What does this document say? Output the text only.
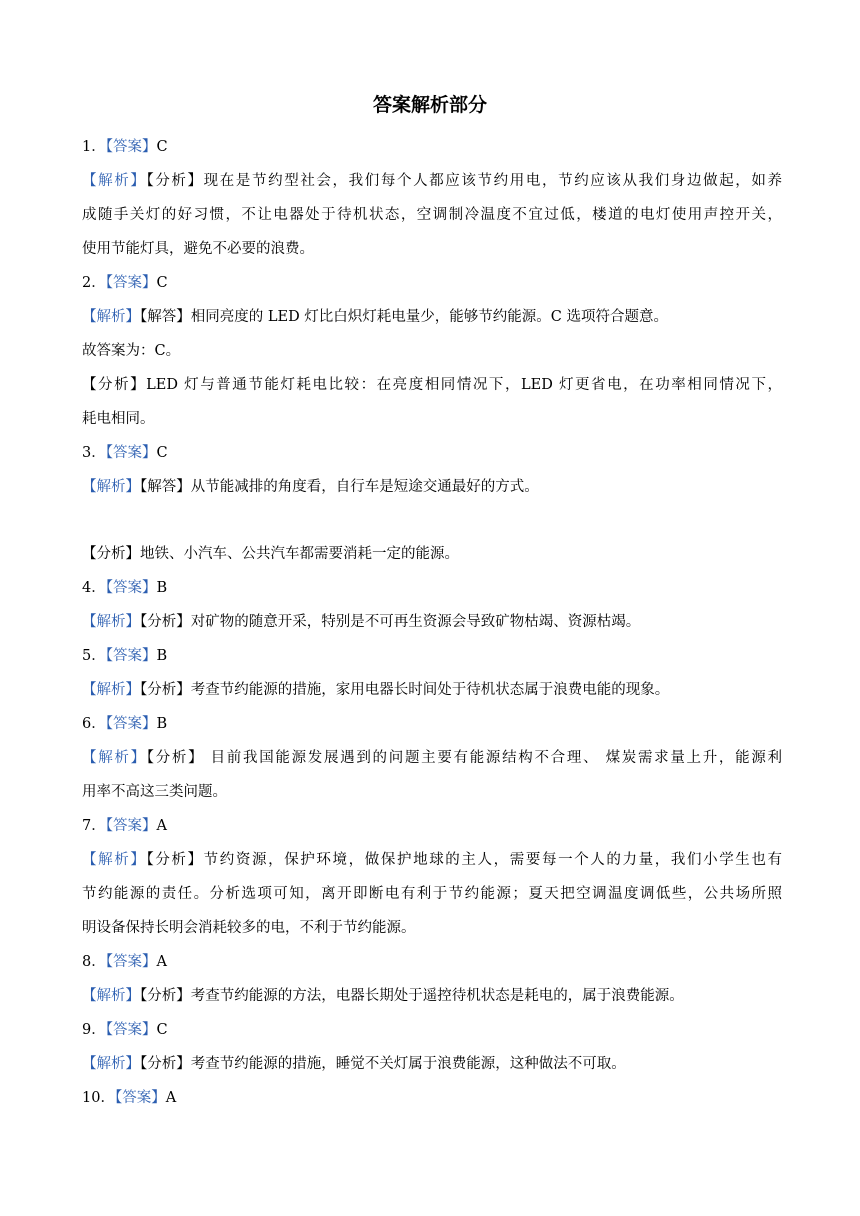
答案解析部分
1．【答案】C
【解析】【分析】现在是节约型社会，我们每个人都应该节约用电，节约应该从我们身边做起，如养
成随手关灯的好习惯，不让电器处于待机状态，空调制冷温度不宜过低，楼道的电灯使用声控开关，
使用节能灯具，避免不必要的浪费。
2．【答案】C
【解析】【解答】相同亮度的 LED 灯比白炽灯耗电量少，能够节约能源。C 选项符合题意。
故答案为：C。
【分析】LED 灯与普通节能灯耗电比较：在亮度相同情况下，LED 灯更省电，在功率相同情况下，
耗电相同。
3．【答案】C
【解析】【解答】从节能减排的角度看，自行车是短途交通最好的方式。
【分析】地铁、小汽车、公共汽车都需要消耗一定的能源。
4．【答案】B
【解析】【分析】对矿物的随意开采，特别是不可再生资源会导致矿物枯竭、资源枯竭。
5．【答案】B
【解析】【分析】考查节约能源的措施，家用电器长时间处于待机状态属于浪费电能的现象。
6．【答案】B
【解析】【分析】 目前我国能源发展遇到的问题主要有能源结构不合理、 煤炭需求量上升，能源利
用率不高这三类问题。
7．【答案】A
【解析】【分析】节约资源，保护环境，做保护地球的主人，需要每一个人的力量，我们小学生也有
节约能源的责任。分析选项可知，离开即断电有利于节约能源；夏天把空调温度调低些，公共场所照
明设备保持长明会消耗较多的电，不利于节约能源。
8．【答案】A
【解析】【分析】考查节约能源的方法，电器长期处于遥控待机状态是耗电的，属于浪费能源。
9．【答案】C
【解析】【分析】考查节约能源的措施，睡觉不关灯属于浪费能源，这种做法不可取。
10．【答案】A
